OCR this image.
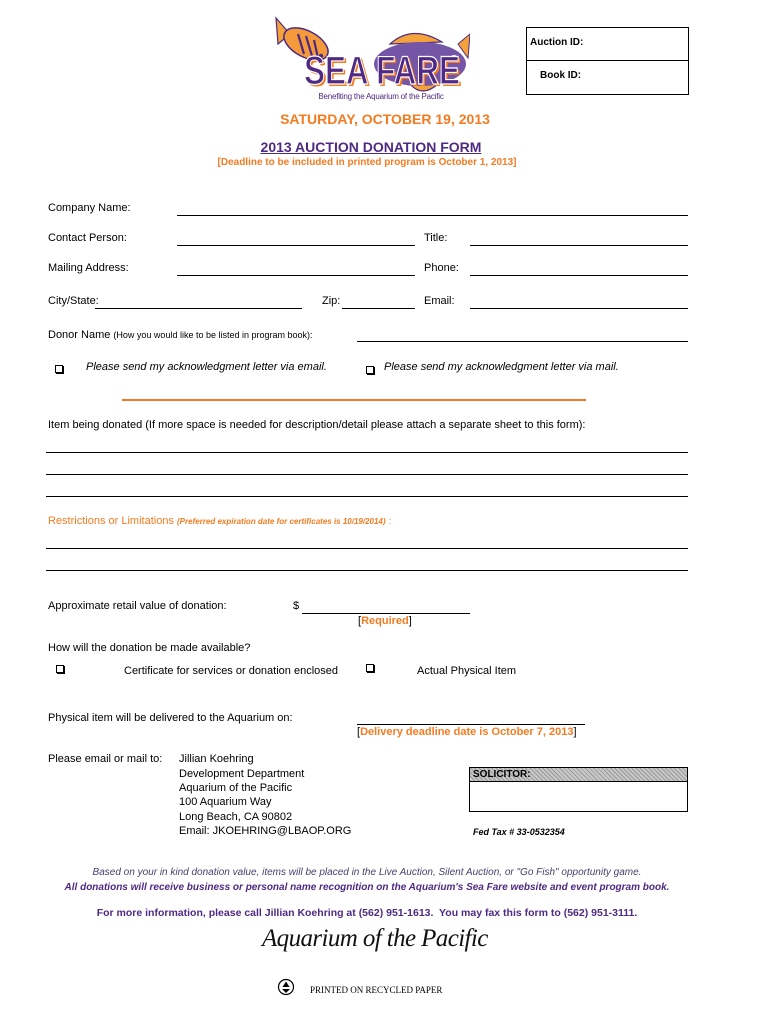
SEA FARE
SEA FARE
Benefiting the Aquarium of the Pacific
Auction ID:
Book ID:
SATURDAY, OCTOBER 19, 2013
2013 AUCTION DONATION FORM
[Deadline to be included in printed program is October 1, 2013]
Company Name:
Contact Person:	Title:
Mailing Address:	Phone:
City/State:	Zip:	Email:
Donor Name (How you would like to be listed in program book):
Please send my acknowledgment letter via email.	Please send my acknowledgment letter via mail.
Item being donated (If more space is needed for description/detail please attach a separate sheet to this form):
Restrictions or Limitations (Preferred expiration date for certificates is 10/19/2014) :
Approximate retail value of donation:	$
[Required]
How will the donation be made available?
Certificate for services or donation enclosed	Actual Physical Item
Physical item will be delivered to the Aquarium on:
[Delivery deadline date is October 7, 2013]
Please email or mail to: Jillian Koehring
Development Department
Aquarium of the Pacific
100 Aquarium Way
Long Beach, CA 90802
Email: JKOEHRING@LBAOP.ORG
SOLICITOR:
Fed Tax # 33-0532354
Based on your in kind donation value, items will be placed in the Live Auction, Silent Auction, or "Go Fish" opportunity game.
All donations will receive business or personal name recognition on the Aquarium's Sea Fare website and event program book.
For more information, please call Jillian Koehring at (562) 951-1613.  You may fax this form to (562) 951-3111.
Aquarium of the Pacific
PRINTED ON RECYCLED PAPER
